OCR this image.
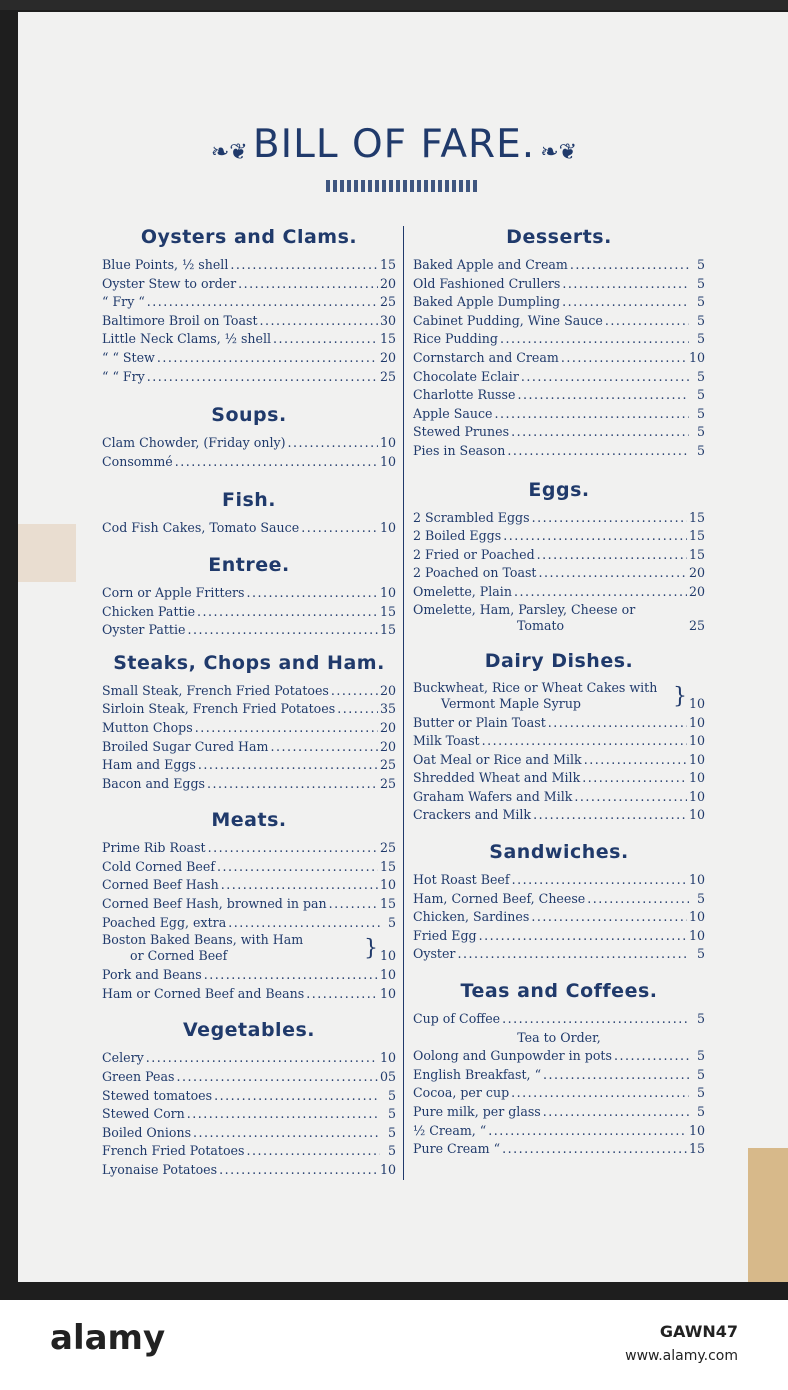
❧❦ BILL OF FARE. ❧❦
Oysters and Clams.
Blue Points, ½ shell .....	15
Oyster Stew to order .....	20
“ Fry “ .....	25
Baltimore Broil on Toast .....	30
Little Neck Clams, ½ shell .....	15
“ “ Stew .....	20
“ “ Fry .....	25
Soups.
Clam Chowder, (Friday only) .....	10
Consommé .....	10
Fish.
Cod Fish Cakes, Tomato Sauce .....	10
Entree.
Corn or Apple Fritters .....	10
Chicken Pattie .....	15
Oyster Pattie .....	15
Steaks, Chops and Ham.
Small Steak, French Fried Potatoes .....	20
Sirloin Steak, French Fried Potatoes .....	35
Mutton Chops .....	20
Broiled Sugar Cured Ham .....	20
Ham and Eggs .....	25
Bacon and Eggs .....	25
Meats.
Prime Rib Roast .....	25
Cold Corned Beef .....	15
Corned Beef Hash .....	10
Corned Beef Hash, browned in pan .....	15
Poached Egg, extra .....	5
Boston Baked Beans, with Ham
or Corned Beef	} 10
Pork and Beans .....	10
Ham or Corned Beef and Beans .....	10
Vegetables.
Celery .....	10
Green Peas .....	05
Stewed tomatoes .....	5
Stewed Corn .....	5
Boiled Onions .....	5
French Fried Potatoes .....	5
Lyonaise Potatoes .....	10
Desserts.
Baked Apple and Cream .....	5
Old Fashioned Crullers .....	5
Baked Apple Dumpling .....	5
Cabinet Pudding, Wine Sauce .....	5
Rice Pudding .....	5
Cornstarch and Cream .....	10
Chocolate Eclair .....	5
Charlotte Russe .....	5
Apple Sauce .....	5
Stewed Prunes .....	5
Pies in Season .....	5
Eggs.
2 Scrambled Eggs .....	15
2 Boiled Eggs .....	15
2 Fried or Poached .....	15
2 Poached on Toast .....	20
Omelette, Plain .....	20
Omelette, Ham, Parsley, Cheese or
Tomato	25
Dairy Dishes.
Buckwheat, Rice or Wheat Cakes with
Vermont Maple Syrup	} 10
Butter or Plain Toast .....	10
Milk Toast .....	10
Oat Meal or Rice and Milk .....	10
Shredded Wheat and Milk .....	10
Graham Wafers and Milk .....	10
Crackers and Milk .....	10
Sandwiches.
Hot Roast Beef .....	10
Ham, Corned Beef, Cheese .....	5
Chicken, Sardines .....	10
Fried Egg .....	10
Oyster .....	5
Teas and Coffees.
Cup of Coffee .....	5
Tea to Order,
Oolong and Gunpowder in pots .....	5
English Breakfast, “ .....	5
Cocoa, per cup .....	5
Pure milk, per glass .....	5
½ Cream, “ .....	10
Pure Cream “ .....	15
alamy	GAWN47
www.alamy.com
